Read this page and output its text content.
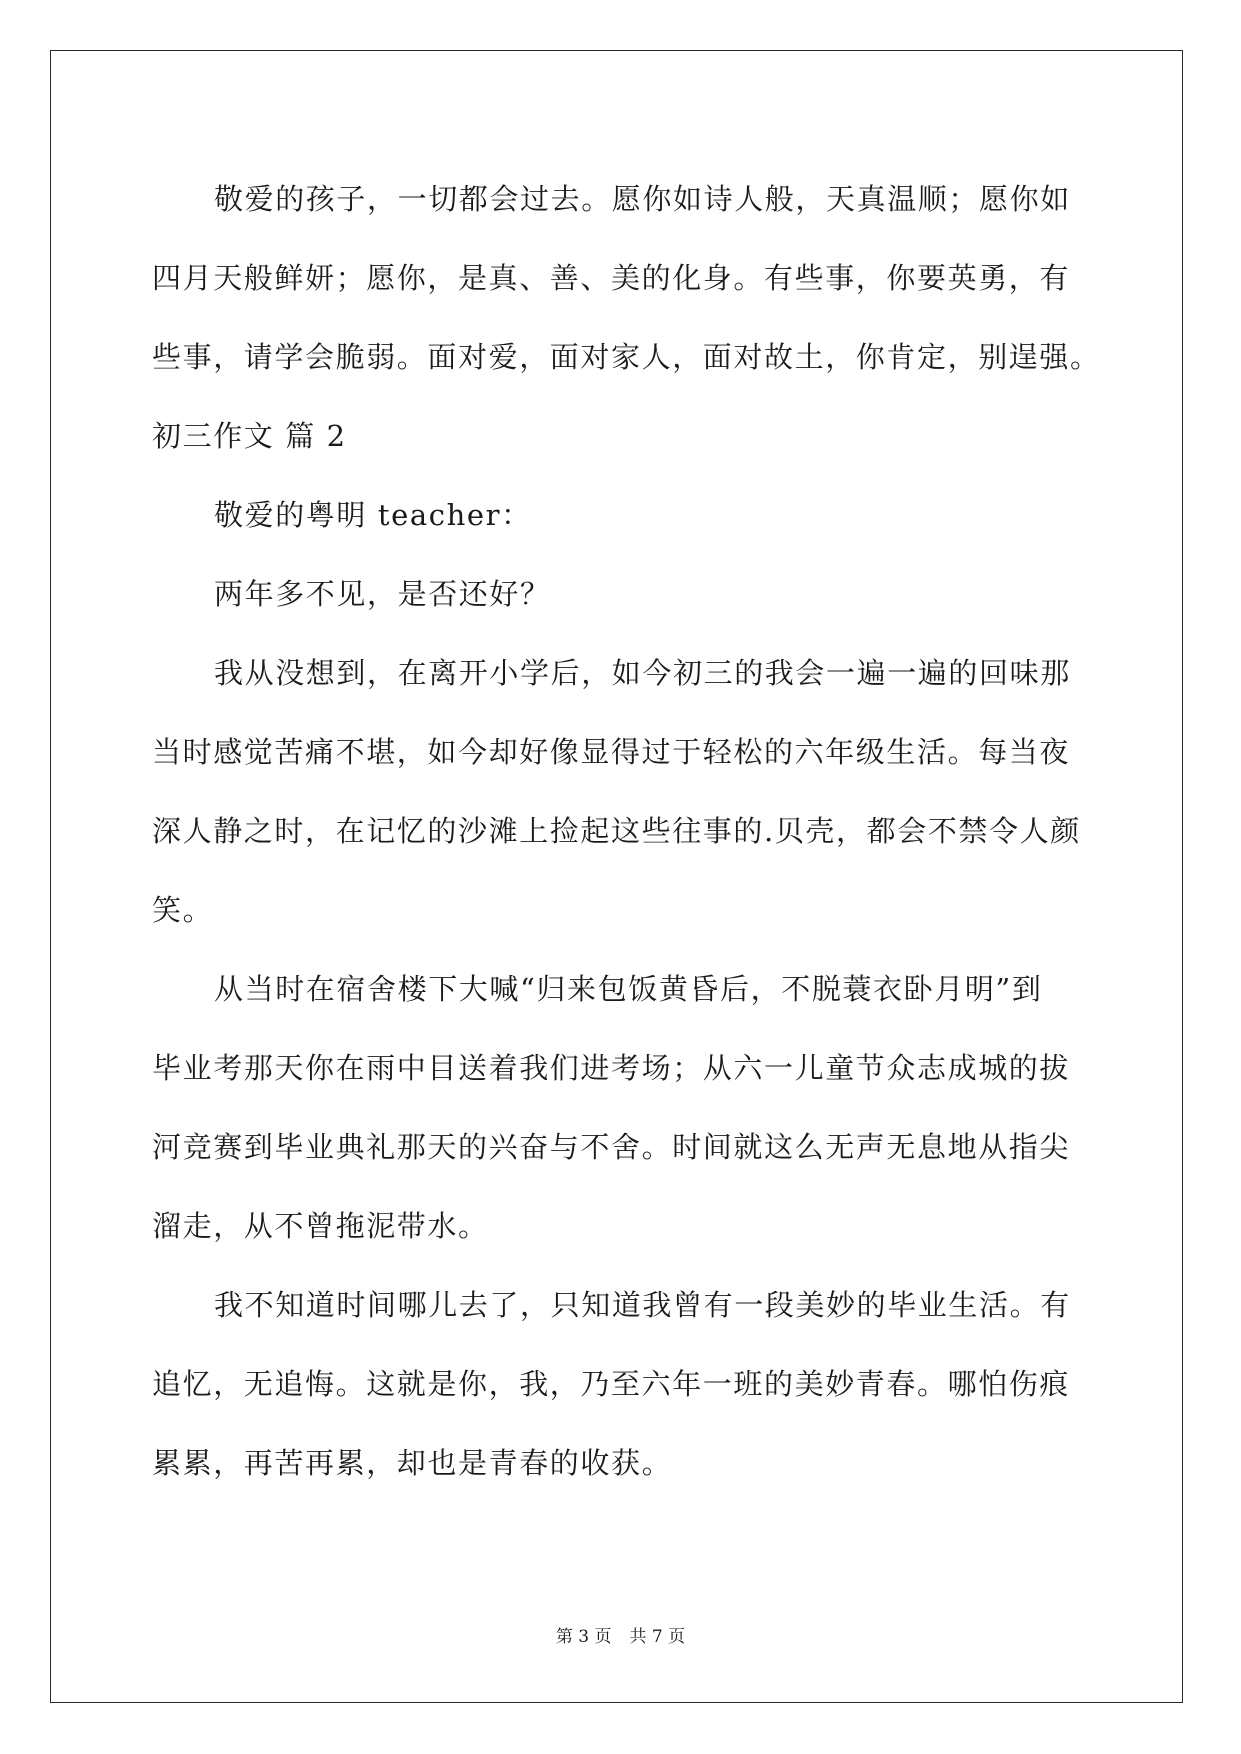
敬爱的孩子，一切都会过去。愿你如诗人般，天真温顺；愿你如
四月天般鲜妍；愿你，是真、善、美的化身。有些事，你要英勇，有
些事，请学会脆弱。面对爱，面对家人，面对故土，你肯定，别逞强。
初三作文 篇 2
敬爱的粤明 teacher：
两年多不见，是否还好？
我从没想到，在离开小学后，如今初三的我会一遍一遍的回味那
当时感觉苦痛不堪，如今却好像显得过于轻松的六年级生活。每当夜
深人静之时，在记忆的沙滩上捡起这些往事的.贝壳，都会不禁令人颜
笑。
从当时在宿舍楼下大喊“归来包饭黄昏后，不脱蓑衣卧月明”到
毕业考那天你在雨中目送着我们进考场；从六一儿童节众志成城的拔
河竞赛到毕业典礼那天的兴奋与不舍。时间就这么无声无息地从指尖
溜走，从不曾拖泥带水。
我不知道时间哪儿去了，只知道我曾有一段美妙的毕业生活。有
追忆，无追悔。这就是你，我，乃至六年一班的美妙青春。哪怕伤痕
累累，再苦再累，却也是青春的收获。
第 3 页 共 7 页
